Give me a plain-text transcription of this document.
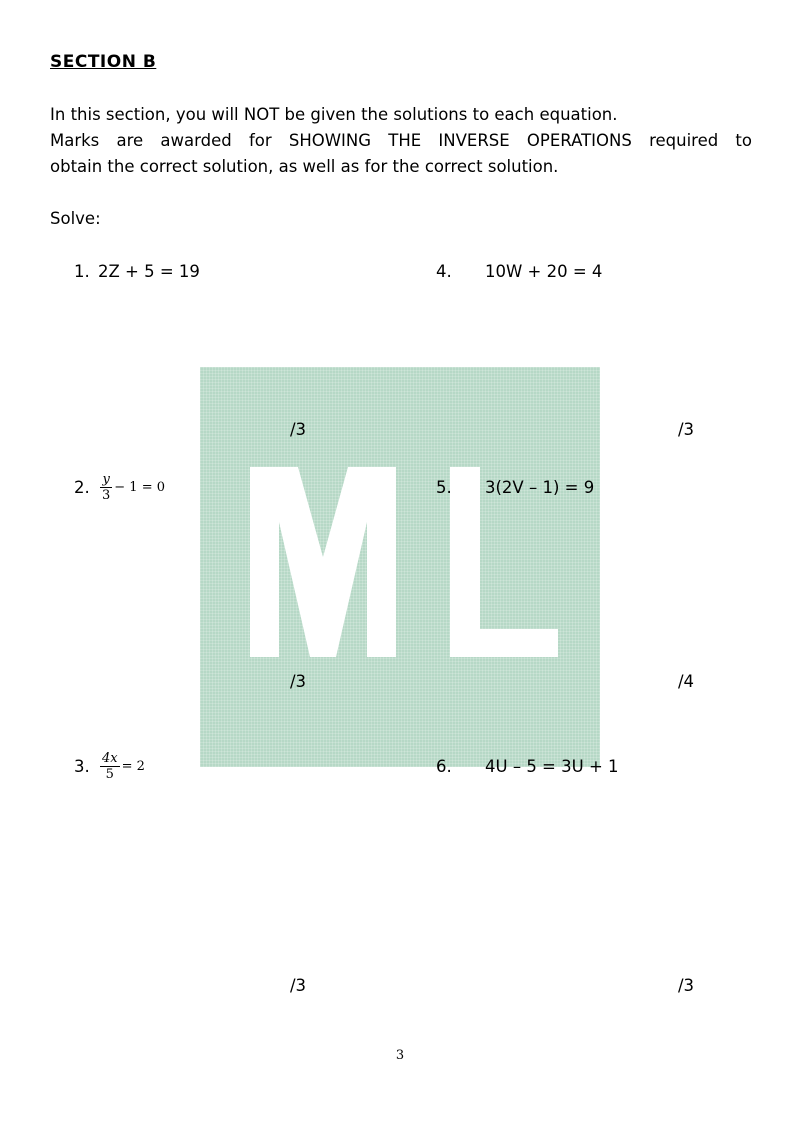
SECTION B
In this section, you will NOT be given the solutions to each equation.
Marks are awarded for SHOWING THE INVERSE OPERATIONS required to
obtain the correct solution, as well as for the correct solution.
Solve:
1. 2Z + 5 = 19
/3
4. 10W + 20 = 4
/3
2. $\frac{y}{3} - 1 = 0$
/3
5. 3(2V – 1) = 9
/4
3. $\frac{4x}{5} = 2$
/3
6. 4U – 5 = 3U + 1
/3
3
